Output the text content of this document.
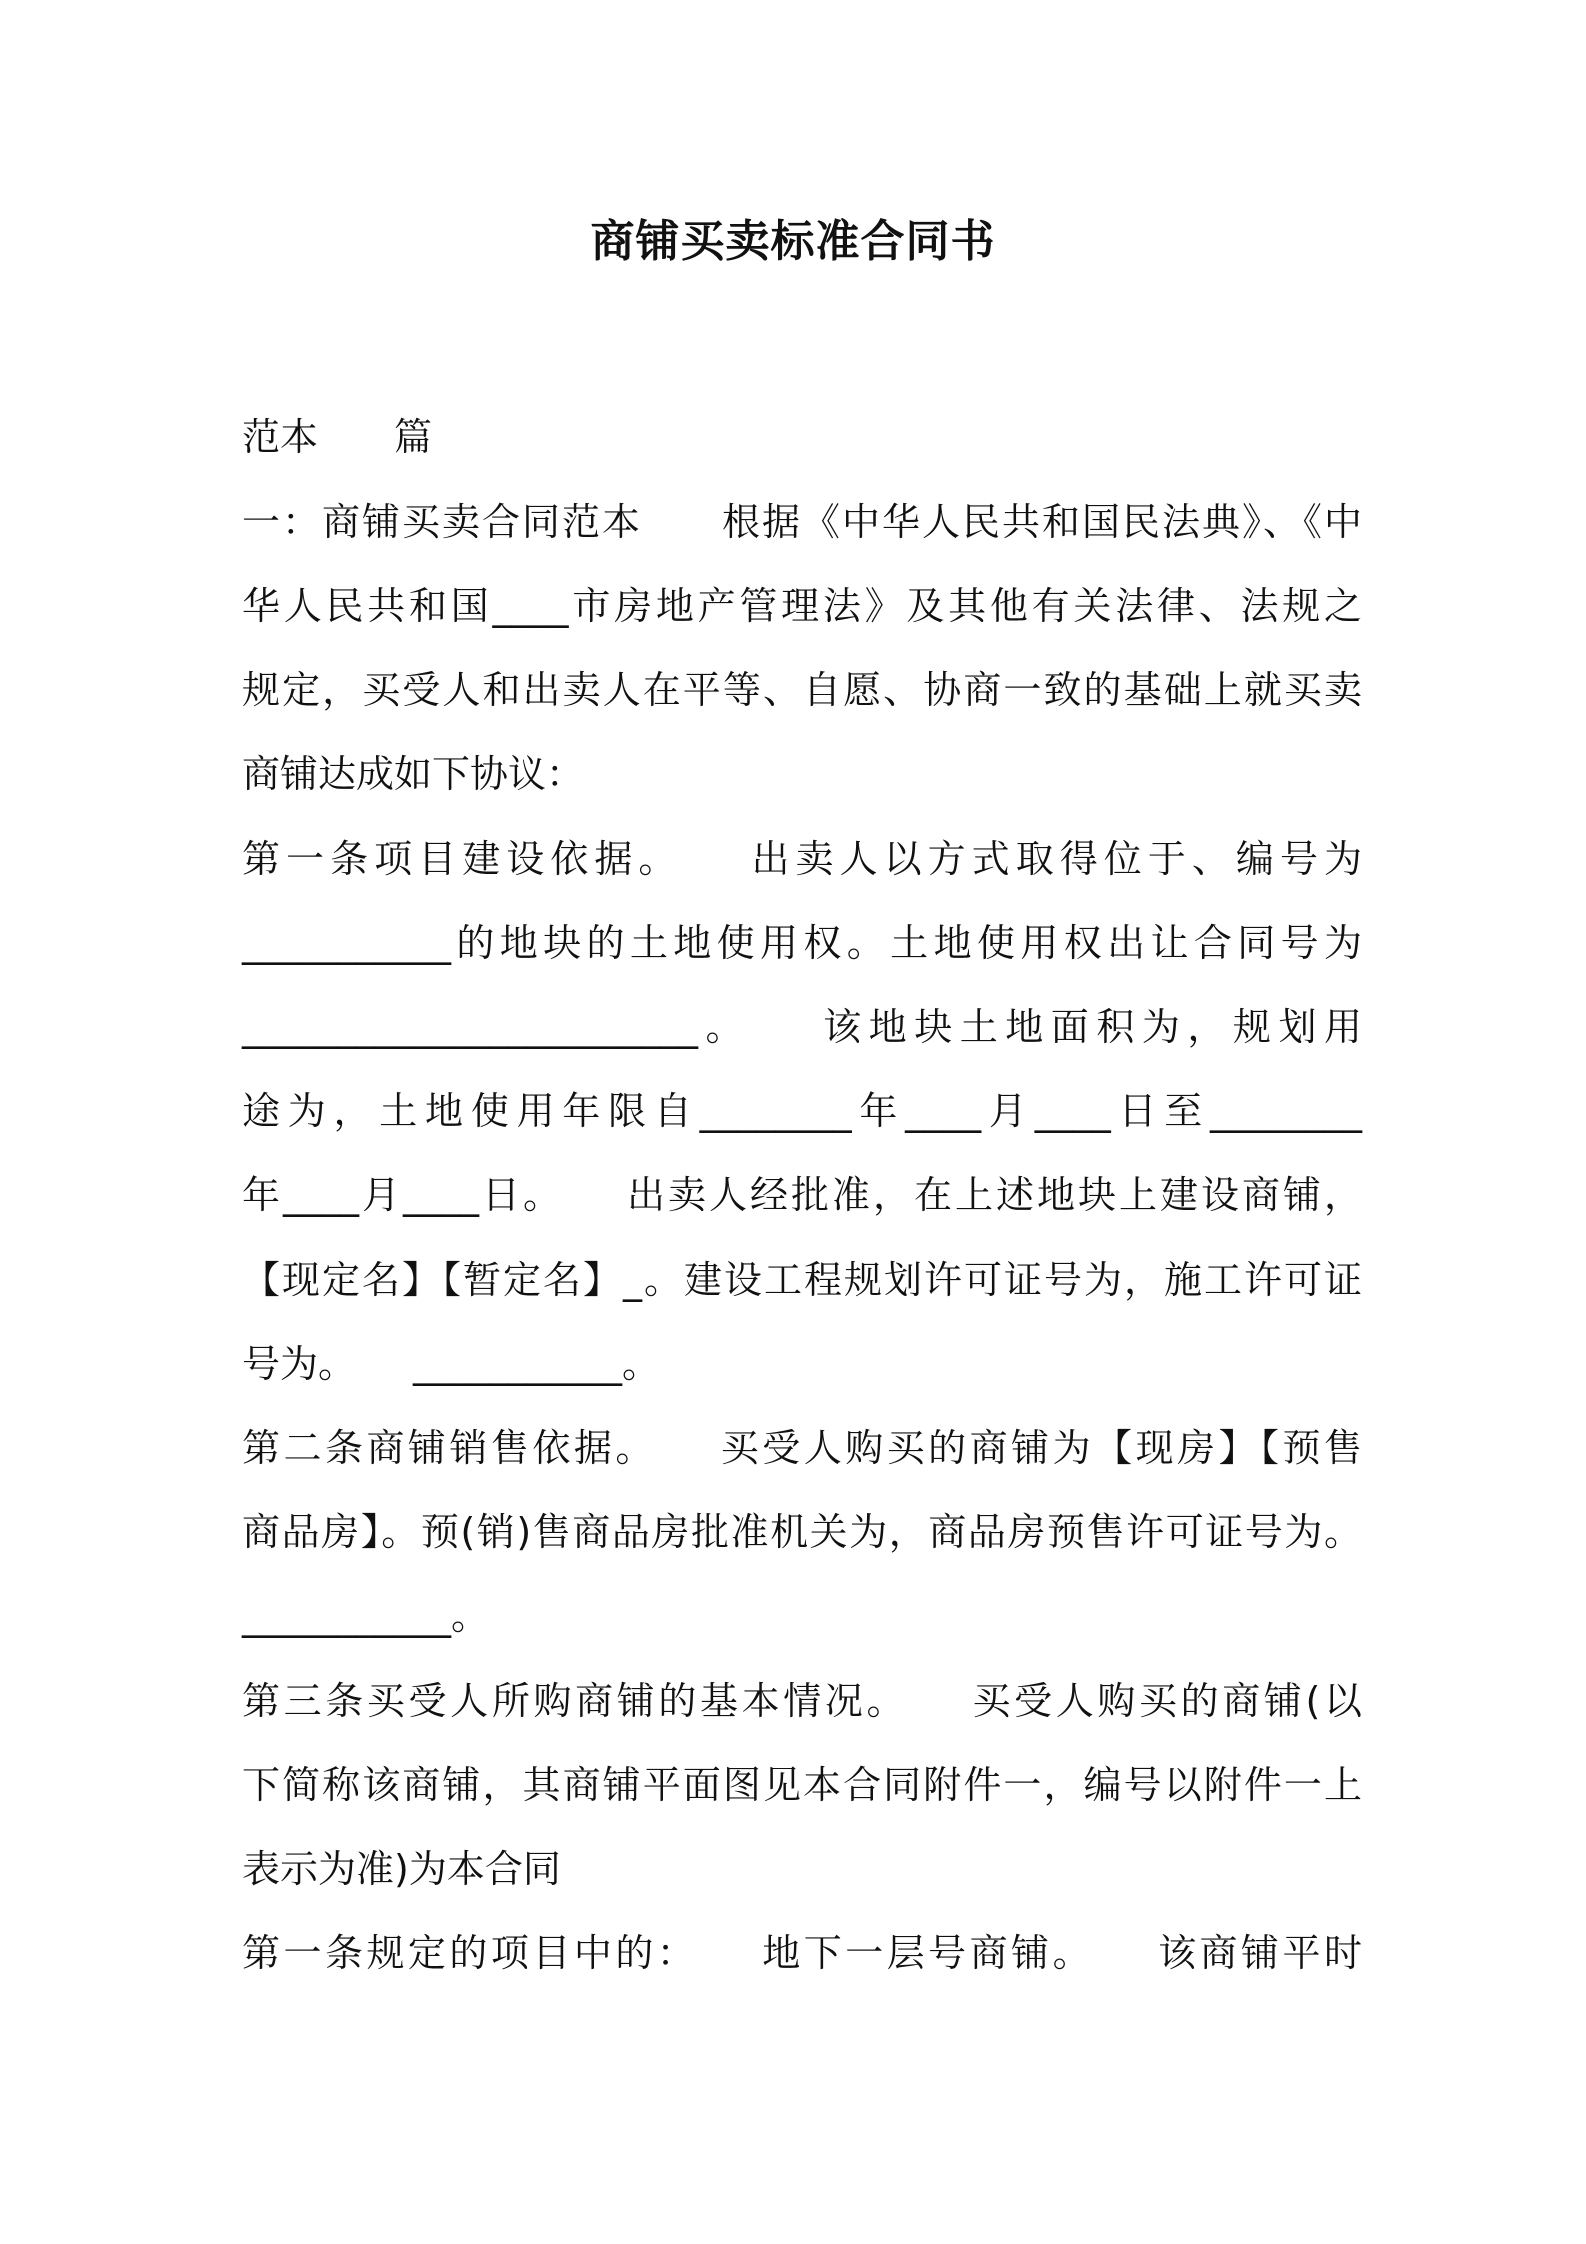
商铺买卖标准合同书
范本　　篇
一：商铺买卖合同范本　　根据《中华人民共和国民法典》、《中
华人民共和国____市房地产管理法》及其他有关法律、法规之
规定，买受人和出卖人在平等、自愿、协商一致的基础上就买卖
商铺达成如下协议：
第一条项目建设依据。　　出卖人以方式取得位于、编号为
___________的地块的土地使用权。土地使用权出让合同号为
________________________。　　该地块土地面积为，规划用
途为，土地使用年限自________年____月____日至________
年____月____日。　　出卖人经批准，在上述地块上建设商铺，
【现定名】【暂定名】_。建设工程规划许可证号为，施工许可证
号为。　　___________。
第二条商铺销售依据。　　买受人购买的商铺为【现房】【预售
商品房】。预(销)售商品房批准机关为，商品房预售许可证号为。
___________。
第三条买受人所购商铺的基本情况。　　买受人购买的商铺(以
下简称该商铺，其商铺平面图见本合同附件一，编号以附件一上
表示为准)为本合同
第一条规定的项目中的：　　地下一层号商铺。　　该商铺平时
